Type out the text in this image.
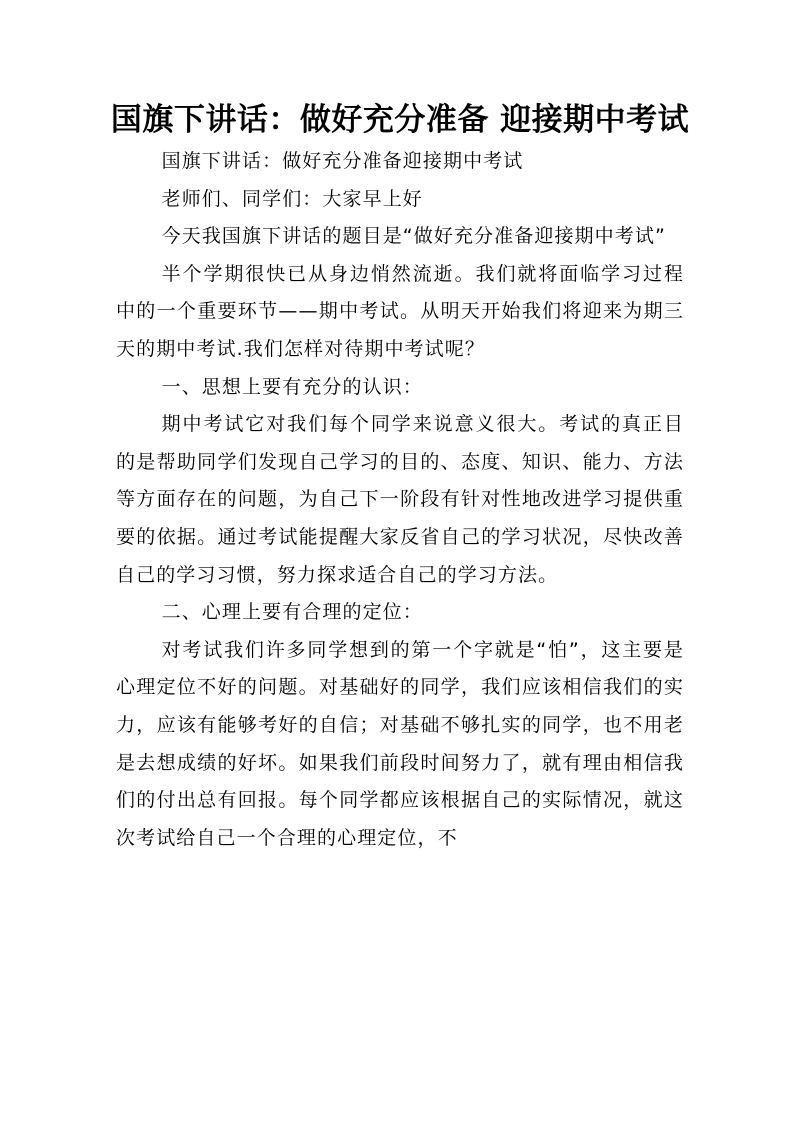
国旗下讲话：做好充分准备 迎接期中考试

国旗下讲话：做好充分准备迎接期中考试

老师们、同学们：大家早上好

今天我国旗下讲话的题目是“做好充分准备迎接期中考试”

半个学期很快已从身边悄然流逝。我们就将面临学习过程中的一个重要环节——期中考试。从明天开始我们将迎来为期三天的期中考试.我们怎样对待期中考试呢？

一、思想上要有充分的认识：

期中考试它对我们每个同学来说意义很大。考试的真正目的是帮助同学们发现自己学习的目的、态度、知识、能力、方法等方面存在的问题，为自己下一阶段有针对性地改进学习提供重要的依据。通过考试能提醒大家反省自己的学习状况，尽快改善自己的学习习惯，努力探求适合自己的学习方法。

二、心理上要有合理的定位：

对考试我们许多同学想到的第一个字就是“怕”，这主要是心理定位不好的问题。对基础好的同学，我们应该相信我们的实力，应该有能够考好的自信；对基础不够扎实的同学，也不用老是去想成绩的好坏。如果我们前段时间努力了，就有理由相信我们的付出总有回报。每个同学都应该根据自己的实际情况，就这次考试给自己一个合理的心理定位，不
